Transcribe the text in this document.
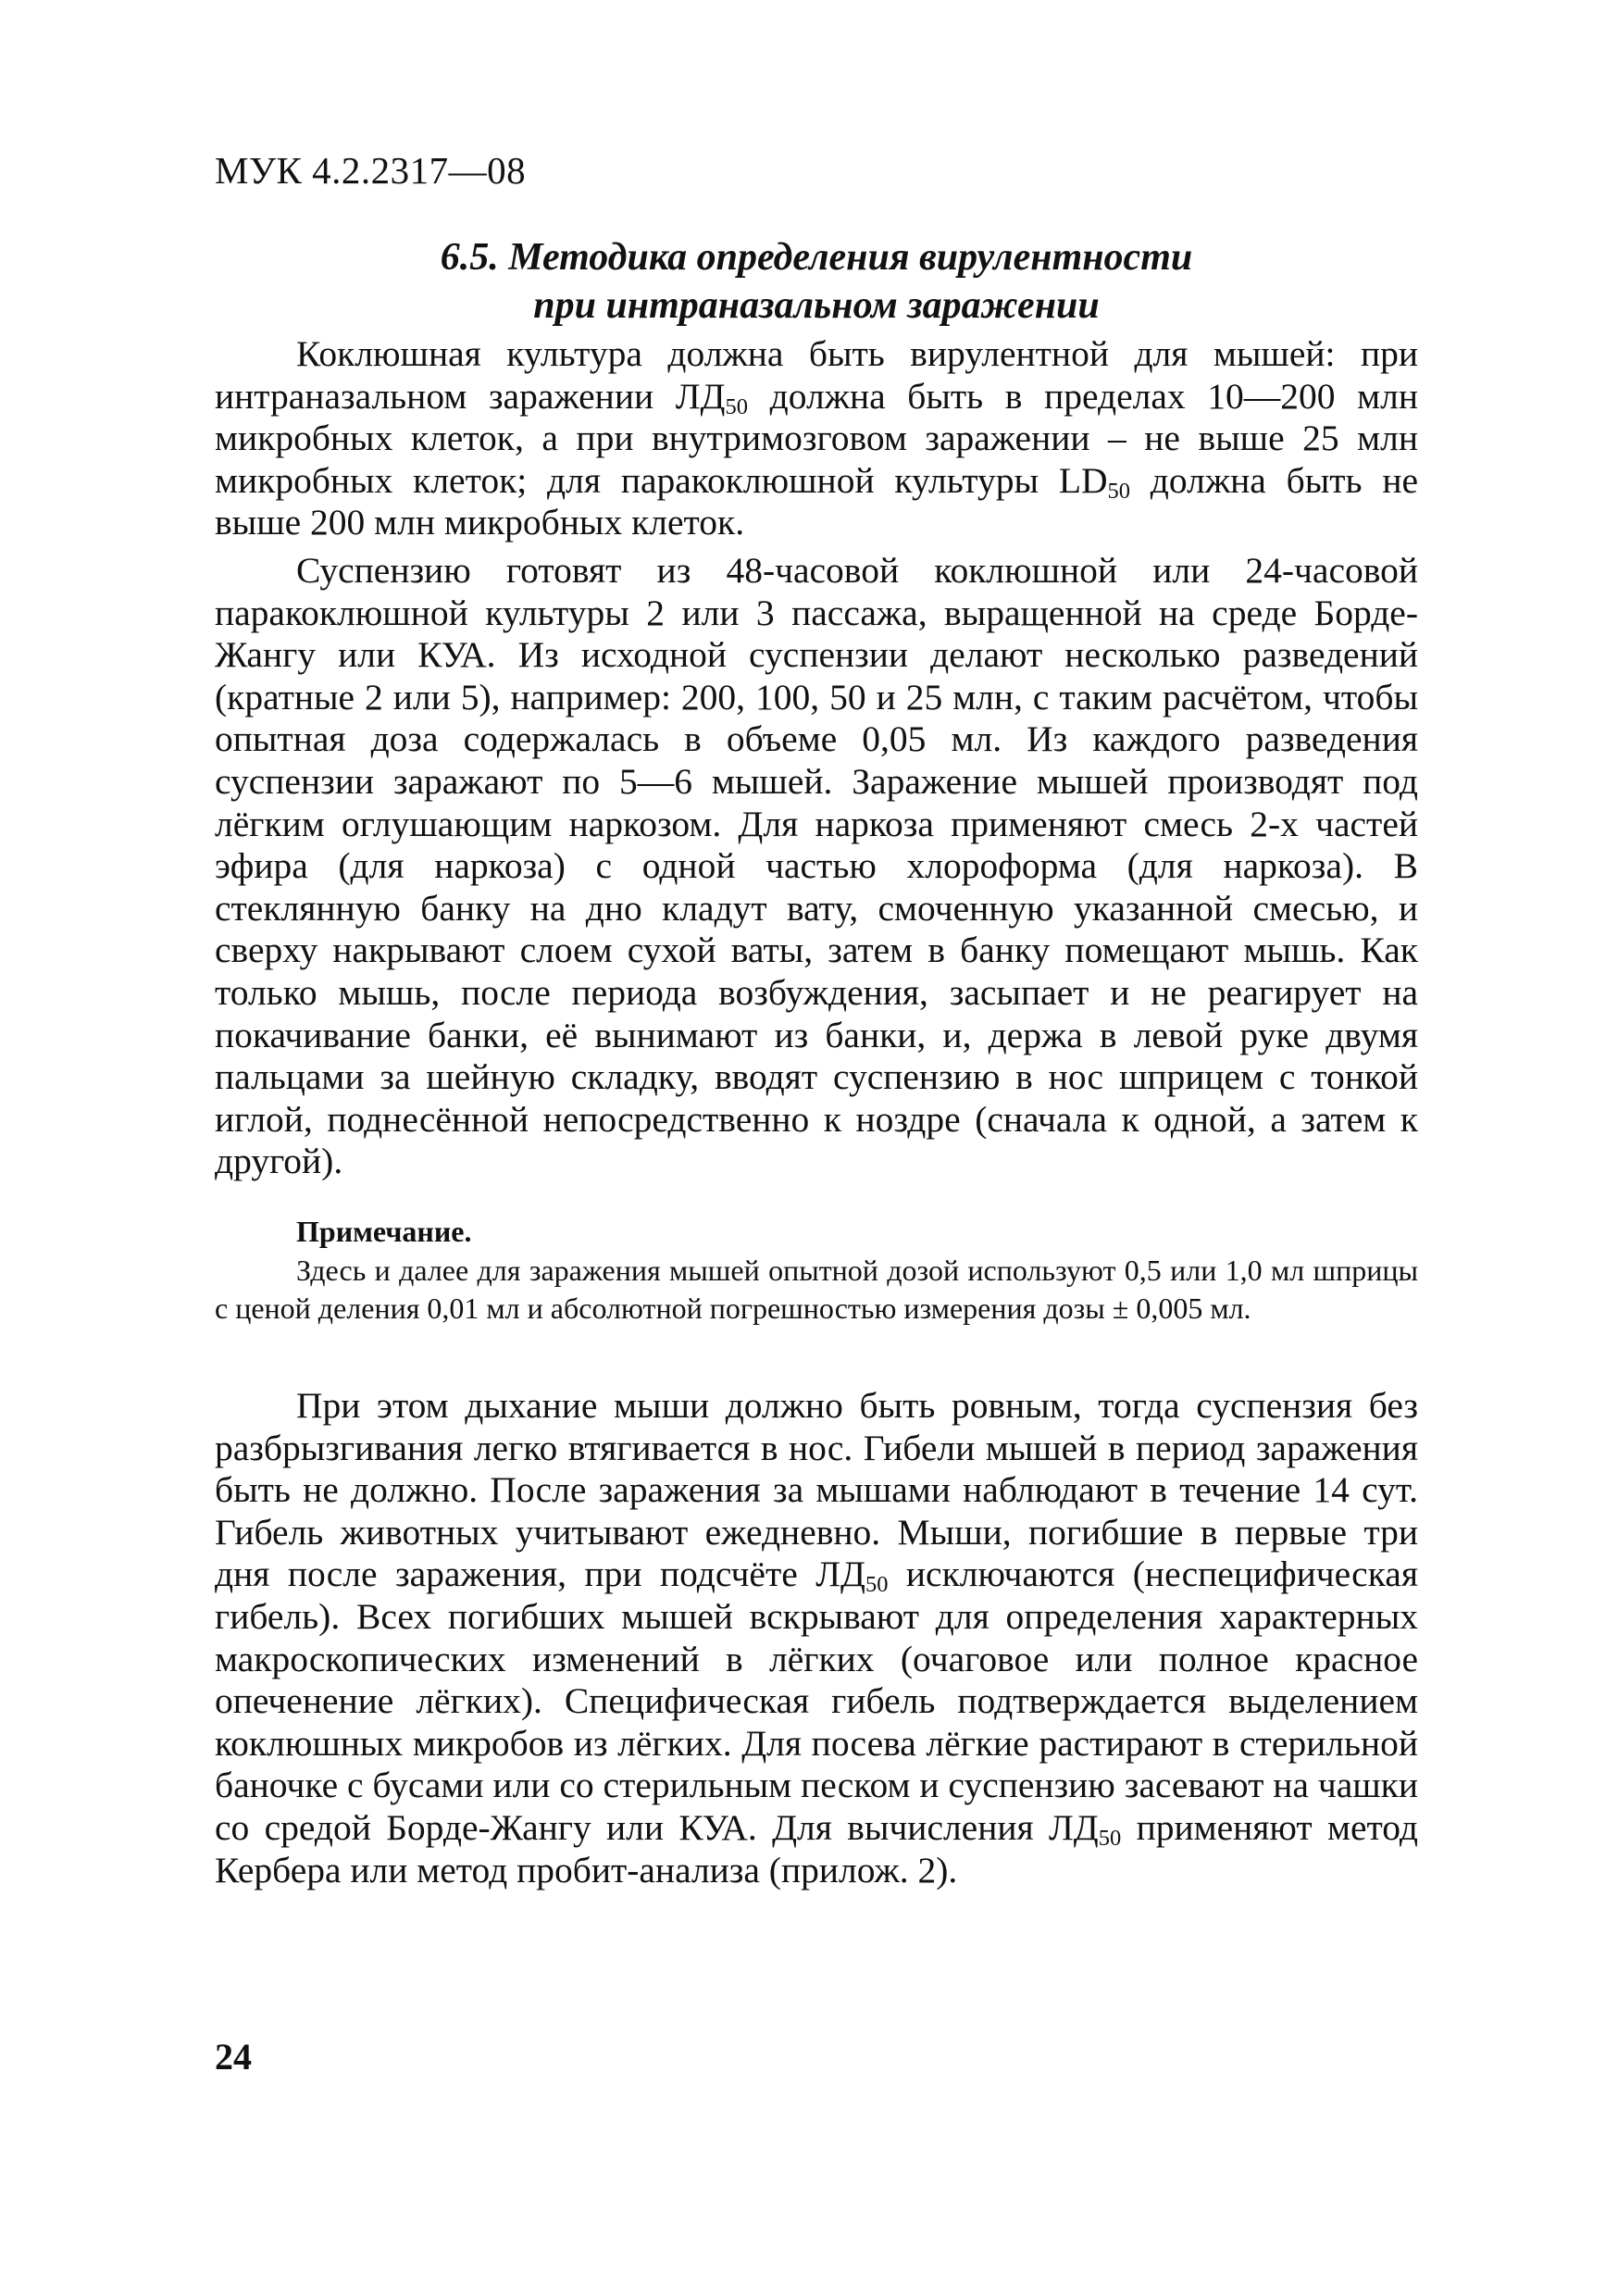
МУК 4.2.2317—08
6.5. Методика определения вирулентности
при интраназальном заражении

Коклюшная культура должна быть вирулентной для мышей: при интраназальном заражении $ЛД_{50}$ должна быть в пределах 10—200 млн микробных клеток, а при внутримозговом заражении – не выше 25 млн микробных клеток; для паракоклюшной культуры $LD_{50}$ должна быть не выше 200 млн микробных клеток.

Суспензию готовят из 48-часовой коклюшной или 24-часовой паракоклюшной культуры 2 или 3 пассажа, выращенной на среде Борде-Жангу или КУА. Из исходной суспензии делают несколько разведений (кратные 2 или 5), например: 200, 100, 50 и 25 млн, с таким расчётом, чтобы опытная доза содержалась в объеме 0,05 мл. Из каждого разведения суспензии заражают по 5—6 мышей. Заражение мышей производят под лёгким оглушающим наркозом. Для наркоза применяют смесь 2-х частей эфира (для наркоза) с одной частью хлороформа (для наркоза). В стеклянную банку на дно кладут вату, смоченную указанной смесью, и сверху накрывают слоем сухой ваты, затем в банку помещают мышь. Как только мышь, после периода возбуждения, засыпает и не реагирует на покачивание банки, её вынимают из банки, и, держа в левой руке двумя пальцами за шейную складку, вводят суспензию в нос шприцем с тонкой иглой, поднесённой непосредственно к ноздре (сначала к одной, а затем к другой).

Примечание.
Здесь и далее для заражения мышей опытной дозой используют 0,5 или 1,0 мл шприцы с ценой деления 0,01 мл и абсолютной погрешностью измерения дозы ± 0,005 мл.

При этом дыхание мыши должно быть ровным, тогда суспензия без разбрызгивания легко втягивается в нос. Гибели мышей в период заражения быть не должно. После заражения за мышами наблюдают в течение 14 сут. Гибель животных учитывают ежедневно. Мыши, погибшие в первые три дня после заражения, при подсчёте $ЛД_{50}$ исключаются (неспецифическая гибель). Всех погибших мышей вскрывают для определения характерных макроскопических изменений в лёгких (очаговое или полное красное опеченение лёгких). Специфическая гибель подтверждается выделением коклюшных микробов из лёгких. Для посева лёгкие растирают в стерильной баночке с бусами или со стерильным песком и суспензию засевают на чашки со средой Борде-Жангу или КУА. Для вычисления $ЛД_{50}$ применяют метод Кербера или метод пробит-анализа (прилож. 2).

24
